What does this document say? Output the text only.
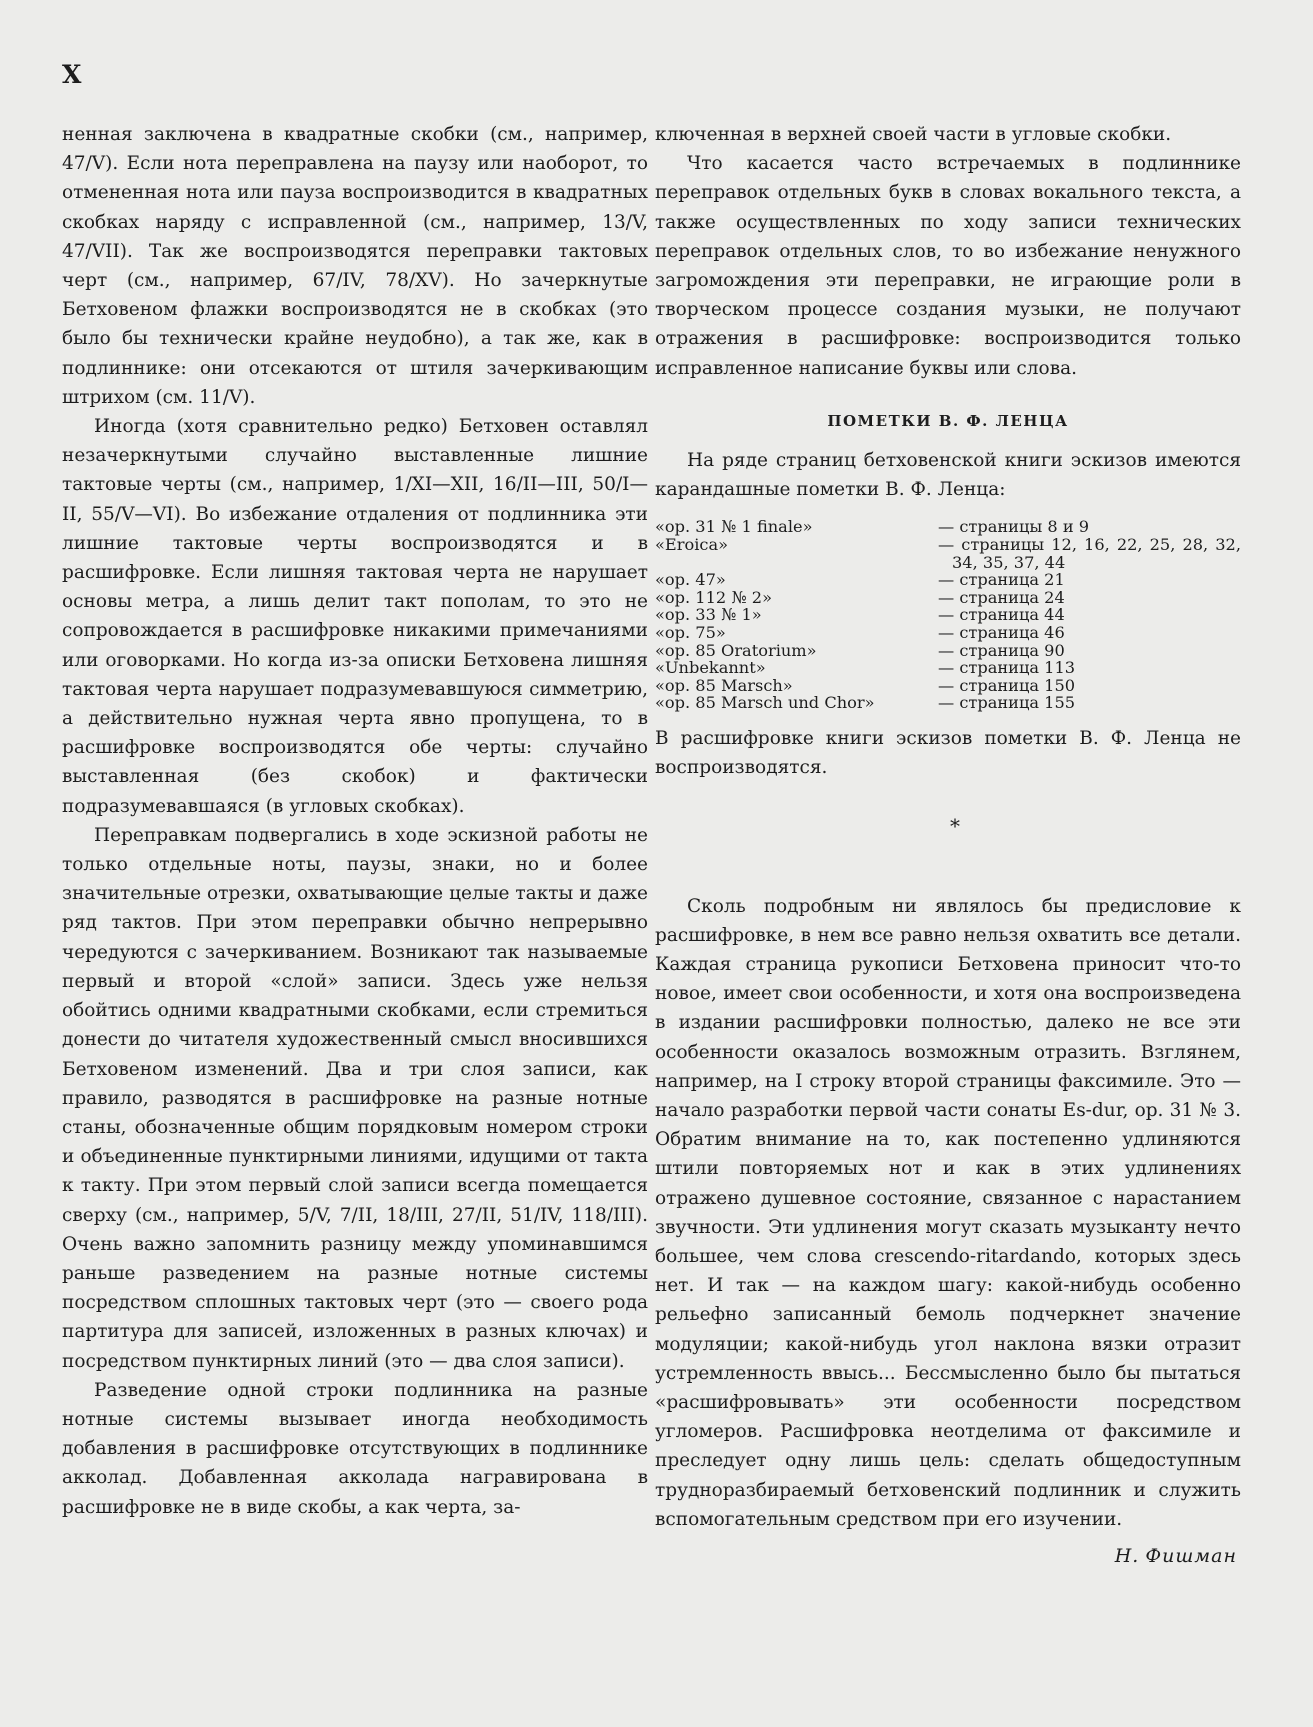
X

ненная заключена в квадратные скобки (см., например, 47/V). Если нота переправлена на паузу или наоборот, то отмененная нота или пауза воспроизводится в квадратных скобках наряду с исправленной (см., например, 13/V, 47/VII). Так же воспроизводятся переправки тактовых черт (см., например, 67/IV, 78/XV). Но зачеркнутые Бетховеном флажки воспроизводятся не в скобках (это было бы технически крайне неудобно), а так же, как в подлиннике: они отсекаются от штиля зачеркивающим штрихом (см. 11/V).

Иногда (хотя сравнительно редко) Бетховен оставлял незачеркнутыми случайно выставленные лишние тактовые черты (см., например, 1/XI—XII, 16/II—III, 50/I—II, 55/V—VI). Во избежание отдаления от подлинника эти лишние тактовые черты воспроизводятся и в расшифровке. Если лишняя тактовая черта не нарушает основы метра, а лишь делит такт пополам, то это не сопровождается в расшифровке никакими примечаниями или оговорками. Но когда из-за описки Бетховена лишняя тактовая черта нарушает подразумевавшуюся симметрию, а действительно нужная черта явно пропущена, то в расшифровке воспроизводятся обе черты: случайно выставленная (без скобок) и фактически подразумевавшаяся (в угловых скобках).

Переправкам подвергались в ходе эскизной работы не только отдельные ноты, паузы, знаки, но и более значительные отрезки, охватывающие целые такты и даже ряд тактов. При этом переправки обычно непрерывно чередуются с зачеркиванием. Возникают так называемые первый и второй «слой» записи. Здесь уже нельзя обойтись одними квадратными скобками, если стремиться донести до читателя художественный смысл вносившихся Бетховеном изменений. Два и три слоя записи, как правило, разводятся в расшифровке на разные нотные станы, обозначенные общим порядковым номером строки и объединенные пунктирными линиями, идущими от такта к такту. При этом первый слой записи всегда помещается сверху (см., например, 5/V, 7/II, 18/III, 27/II, 51/IV, 118/III). Очень важно запомнить разницу между упоминавшимся раньше разведением на разные нотные системы посредством сплошных тактовых черт (это — своего рода партитура для записей, изложенных в разных ключах) и посредством пунктирных линий (это — два слоя записи).

Разведение одной строки подлинника на разные нотные системы вызывает иногда необходимость добавления в расшифровке отсутствующих в подлиннике акколад. Добавленная акколада награвирована в расшифровке не в виде скобы, а как черта, за-

ключенная в верхней своей части в угловые скобки.

Что касается часто встречаемых в подлиннике переправок отдельных букв в словах вокального текста, а также осуществленных по ходу записи технических переправок отдельных слов, то во избежание ненужного загромождения эти переправки, не играющие роли в творческом процессе создания музыки, не получают отражения в расшифровке: воспроизводится только исправленное написание буквы или слова.

ПОМЕТКИ В. Ф. ЛЕНЦА

На ряде страниц бетховенской книги эскизов имеются карандашные пометки В. Ф. Ленца:

«op. 31 № 1 finale»	— страницы 8 и 9
«Eroica»	— страницы 12, 16, 22, 25, 28, 32, 34, 35, 37, 44
«op. 47»	— страница 21
«op. 112 № 2»	— страница 24
«op. 33 № 1»	— страница 44
«op. 75»	— страница 46
«op. 85 Oratorium»	— страница 90
«Unbekannt»	— страница 113
«op. 85 Marsch»	— страница 150
«op. 85 Marsch und Chor»	— страница 155

В расшифровке книги эскизов пометки В. Ф. Ленца не воспроизводятся.

*

Сколь подробным ни являлось бы предисловие к расшифровке, в нем все равно нельзя охватить все детали. Каждая страница рукописи Бетховена приносит что-то новое, имеет свои особенности, и хотя она воспроизведена в издании расшифровки полностью, далеко не все эти особенности оказалось возможным отразить. Взглянем, например, на I строку второй страницы факсимиле. Это — начало разработки первой части сонаты Es-dur, op. 31 № 3. Обратим внимание на то, как постепенно удлиняются штили повторяемых нот и как в этих удлинениях отражено душевное состояние, связанное с нарастанием звучности. Эти удлинения могут сказать музыканту нечто большее, чем слова crescendo-ritardando, которых здесь нет. И так — на каждом шагу: какой-нибудь особенно рельефно записанный бемоль подчеркнет значение модуляции; какой-нибудь угол наклона вязки отразит устремленность ввысь... Бессмысленно было бы пытаться «расшифровывать» эти особенности посредством угломеров. Расшифровка неотделима от факсимиле и преследует одну лишь цель: сделать общедоступным трудноразбираемый бетховенский подлинник и служить вспомогательным средством при его изучении.

Н. Фишман
